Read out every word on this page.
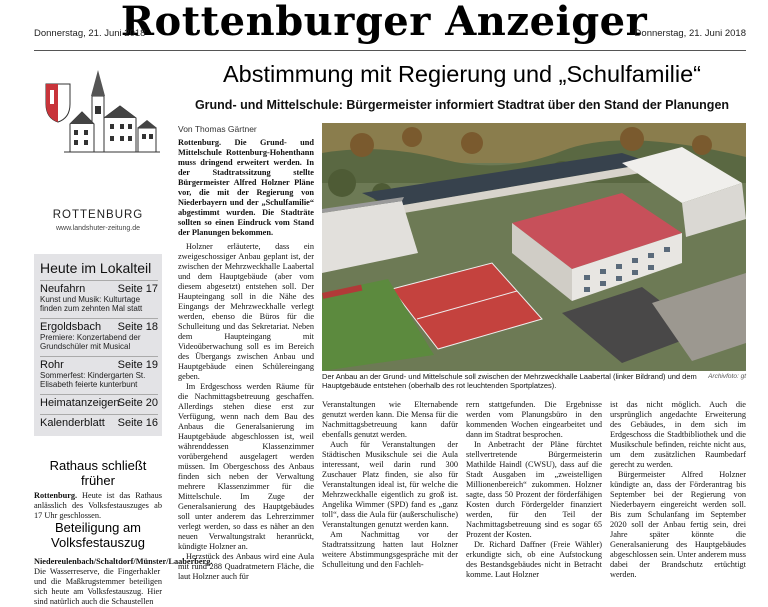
Rottenburger Anzeiger
Donnerstag, 21. Juni 2018	Donnerstag, 21. Juni 2018
ROTTENBURG
www.landshuter-zeitung.de
Heute im Lokalteil
Neufahrn	Seite 17
Kunst und Musik: Kulturtage finden zum zehnten Mal statt
Ergoldsbach	Seite 18
Premiere: Konzertabend der Grundschüler mit Musical
Rohr	Seite 19
Sommerfest: Kindergarten St. Elisabeth feierte kunterbunt
Heimatanzeigen
Seite 20
Kalenderblatt	Seite 16
Rathaus schließt früher
Rottenburg. Heute ist das Rathaus anlässlich des Volksfestauszuges ab 17 Uhr geschlossen.
Beteiligung am Volksfestauszug
Niedereulenbach/Schaltdorf/Münster/Laaberberg. Die Wasserreserve, die Fingerhakler und die Maßkrugstemmer beteiligen sich heute am Volksfestauszug. Hier sind natürlich auch die Schaustellen
Abstimmung mit Regierung und „Schulfamilie“
Grund- und Mittelschule: Bürgermeister informiert Stadtrat über den Stand der Planungen
Von Thomas Gärtner

Rottenburg. Die Grund- und Mittelschule Rottenburg-Hohenthann muss dringend erweitert werden. In der Stadtratssitzung stellte Bürgermeister Alfred Holzner Pläne vor, die mit der Regierung von Niederbayern und der „Schulfamilie“ abgestimmt wurden. Die Stadträte sollten so einen Eindruck vom Stand der Planungen bekommen.

Holzner erläuterte, dass ein zweigeschossiger Anbau geplant ist, der zwischen der Mehrzweckhalle Laabertal und dem Hauptgebäude (aber vom diesem abgesetzt) entstehen soll. Der Haupteingang soll in die Nähe des Eingangs der Mehrzweckhalle verlegt werden, ebenso die Büros für die Schulleitung und das Sekretariat. Neben dem Haupteingang mit Videoüberwachung soll es im Bereich des Übergangs zwischen Anbau und Hauptgebäude einen Schülereingang geben.

Im Erdgeschoss werden Räume für die Nachmittagsbetreuung geschaffen. Allerdings stehen diese erst zur Verfügung, wenn nach dem Bau des Anbaus die Generalsanierung im Hauptgebäude abgeschlossen ist, weil währenddessen Klassenzimmer vorübergehend ausgelagert werden müssen. Im Obergeschoss des Anbaus finden sich neben der Verwaltung mehrere Klassenzimmer für die Mittelschule. Im Zuge der Generalsanierung des Hauptgebäudes soll unter anderem das Lehrerzimmer verlegt werden, so dass es näher an den neuen Verwaltungstrakt heranrückt, kündigte Holzner an.

Herzstück des Anbaus wird eine Aula mit rund 288 Quadratmetern Fläche, die laut Holzner auch für

Der Anbau an der Grund- und Mittelschule soll zwischen der Mehrzweckhalle Laabertal (linker Bildrand) und dem Hauptgebäude entstehen (oberhalb des rot leuchtenden Sportplatzes).
Archivfoto: gt

Veranstaltungen wie Elternabende genutzt werden kann. Die Mensa für die Nachmittagsbetreuung kann dafür ebenfalls genutzt werden.

Auch für Veranstaltungen der Städtischen Musikschule sei die Aula interessant, weil darin rund 300 Zuschauer Platz finden, sie also für Veranstaltungen ideal ist, für welche die Mehrzweckhalle eigentlich zu groß ist. Angelika Wimmer (SPD) fand es „ganz toll“, dass die Aula für (außerschulische) Veranstaltungen genutzt werden kann.

Am Nachmittag vor der Stadtratssitzung hatten laut Holzner weitere Abstimmungsgespräche mit der Schulleitung und den Fachleh-

rern stattgefunden. Die Ergebnisse werden vom Planungsbüro in den kommenden Wochen eingearbeitet und dann im Stadtrat besprochen.

In Anbetracht der Pläne fürchtet stellvertretende Bürgermeisterin Mathilde Haindl (CWSU), dass auf die Stadt Ausgaben im „zweistelligen Millionenbereich“ zukommen. Holzner sagte, dass 50 Prozent der förderfähigen Kosten durch Fördergelder finanziert werden, für den Teil der Nachmittagsbetreuung sind es sogar 65 Prozent der Kosten.

Dr. Richard Daffner (Freie Wähler) erkundigte sich, ob eine Aufstockung des Bestandsgebäudes nicht in Betracht komme. Laut Holzner

ist das nicht möglich. Auch die ursprünglich angedachte Erweiterung des Gebäudes, in dem sich im Erdgeschoss die Stadtbibliothek und die Musikschule befinden, reichte nicht aus, um dem zusätzlichen Raumbedarf gerecht zu werden.

Bürgermeister Alfred Holzner kündigte an, dass der Förderantrag bis September bei der Regierung von Niederbayern eingereicht werden soll. Bis zum Schulanfang im September 2020 soll der Anbau fertig sein, drei Jahre später könnte die Generalsanierung des Hauptgebäudes abgeschlossen sein. Unter anderem muss dabei der Brandschutz ertüchtigt werden.
